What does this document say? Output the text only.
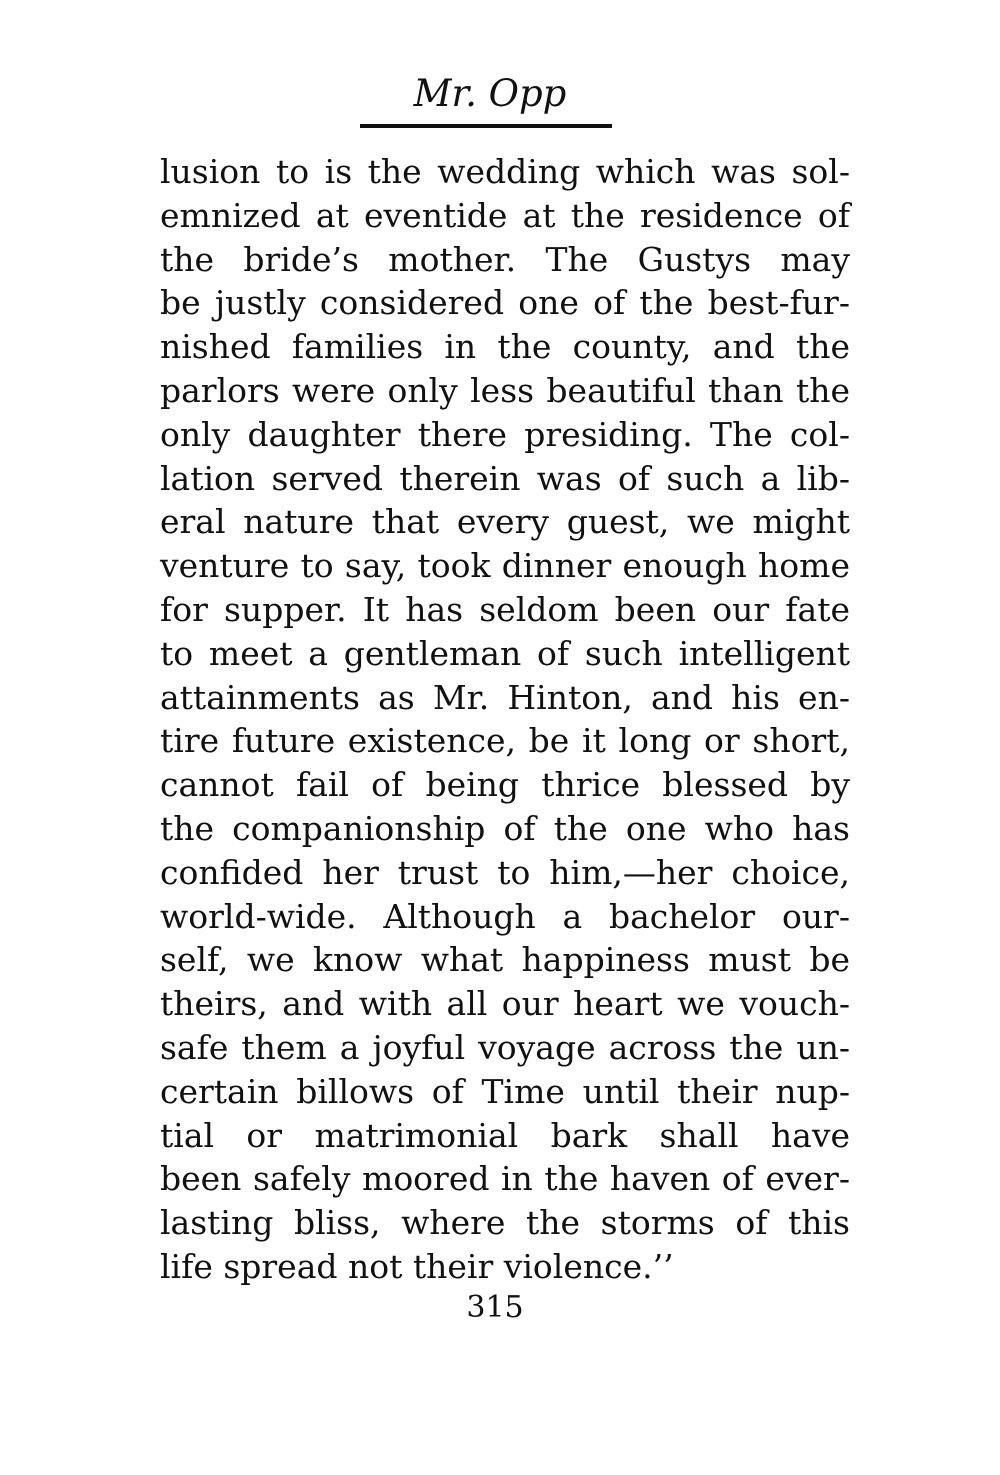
Mr. Opp
lusion to is the wedding which was sol-
emnized at eventide at the residence of
the bride’s mother. The Gustys may
be justly considered one of the best-fur-
nished families in the county, and the
parlors were only less beautiful than the
only daughter there presiding. The col-
lation served therein was of such a lib-
eral nature that every guest, we might
venture to say, took dinner enough home
for supper. It has seldom been our fate
to meet a gentleman of such intelligent
attainments as Mr. Hinton, and his en-
tire future existence, be it long or short,
cannot fail of being thrice blessed by
the companionship of the one who has
confided her trust to him,—her choice,
world-wide. Although a bachelor our-
self, we know what happiness must be
theirs, and with all our heart we vouch-
safe them a joyful voyage across the un-
certain billows of Time until their nup-
tial or matrimonial bark shall have
been safely moored in the haven of ever-
lasting bliss, where the storms of this
life spread not their violence.’’
315
